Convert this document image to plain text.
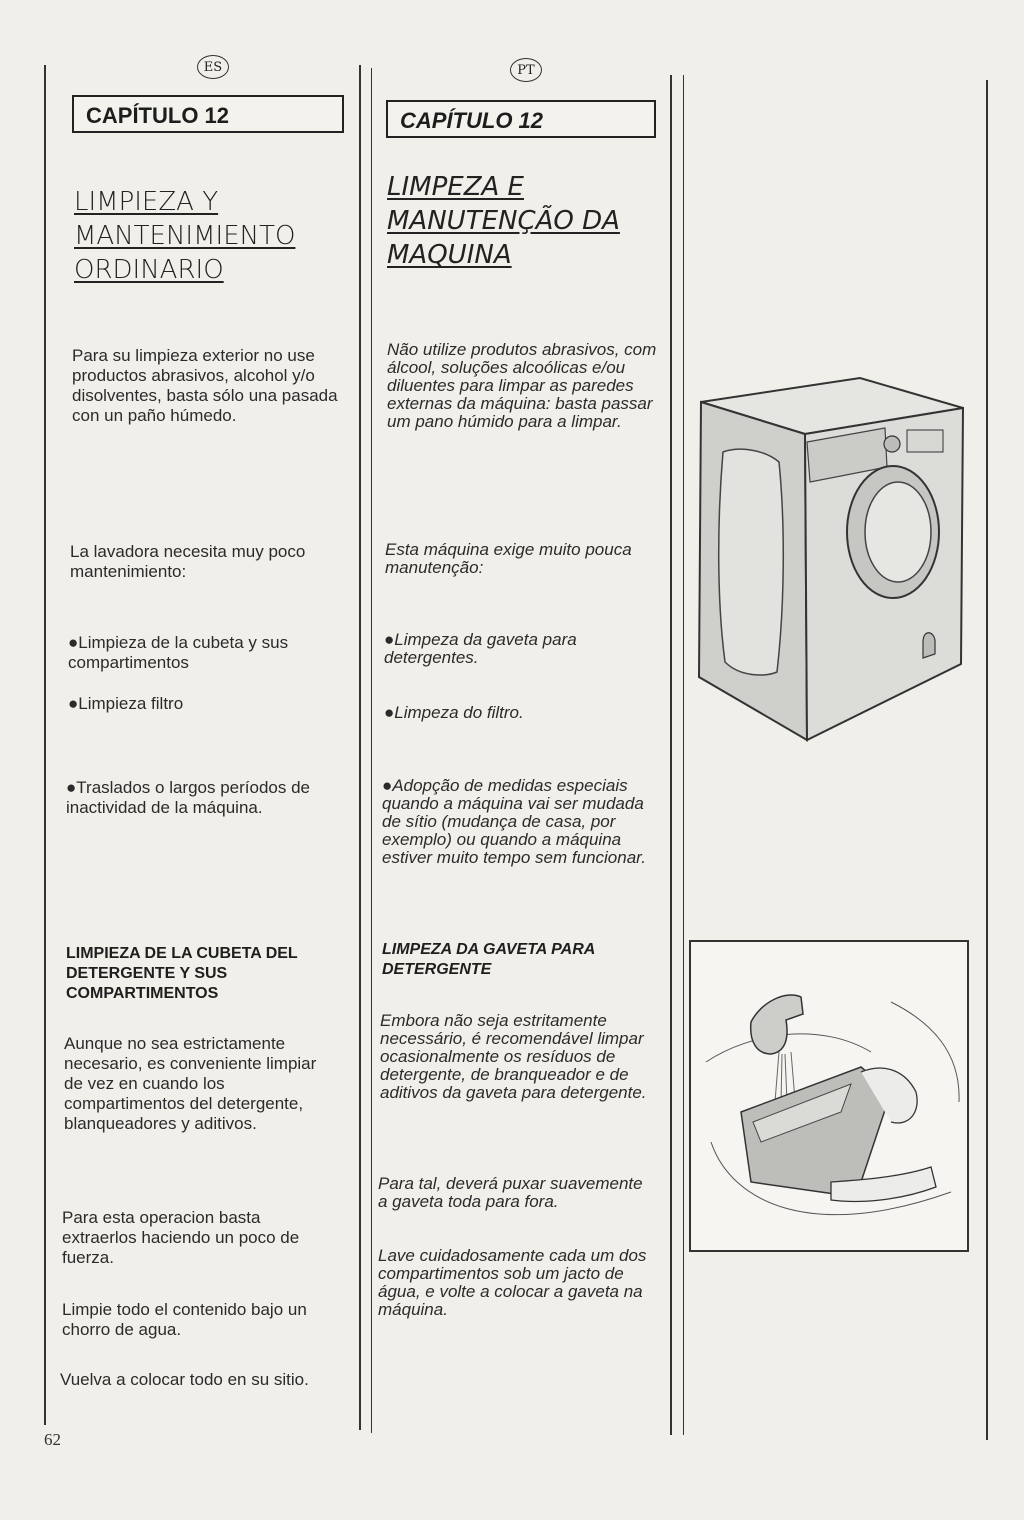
ES
CAPÍTULO 12
LIMPIEZA Y
MANTENIMIENTO
ORDINARIO
Para su limpieza exterior no use productos abrasivos, alcohol y/o disolventes, basta sólo una pasada con un paño húmedo.
La lavadora necesita muy poco mantenimiento:
● Limpieza de la cubeta y sus compartimentos
● Limpieza filtro
● Traslados o largos períodos de inactividad de la máquina.
LIMPIEZA DE LA CUBETA DEL DETERGENTE Y SUS COMPARTIMENTOS
Aunque no sea estrictamente necesario, es conveniente limpiar de vez en cuando los compartimentos del detergente, blanqueadores y aditivos.
Para esta operacion basta extraerlos haciendo un poco de fuerza.
Limpie todo el contenido bajo un chorro de agua.
Vuelva a colocar todo en su sitio.
PT
CAPÍTULO 12
LIMPEZA E
MANUTENÇÃO DA
MAQUINA
Não utilize produtos abrasivos, com álcool, soluções alcoólicas e/ou diluentes para limpar as paredes externas da máquina: basta passar um pano húmido para a limpar.
Esta máquina exige muito pouca manutenção:
● Limpeza da gaveta para detergentes.
● Limpeza do filtro.
● Adopção de medidas especiais quando a máquina vai ser mudada de sítio (mudança de casa, por exemplo) ou quando a máquina estiver muito tempo sem funcionar.
LIMPEZA DA GAVETA PARA DETERGENTE
Embora não seja estritamente necessário, é recomendável limpar ocasionalmente os resíduos de detergente, de branqueador e de aditivos da gaveta para detergente.
Para tal, deverá puxar suavemente a gaveta toda para fora.
Lave cuidadosamente cada um dos compartimentos sob um jacto de água, e volte a colocar a gaveta na máquina.
62
